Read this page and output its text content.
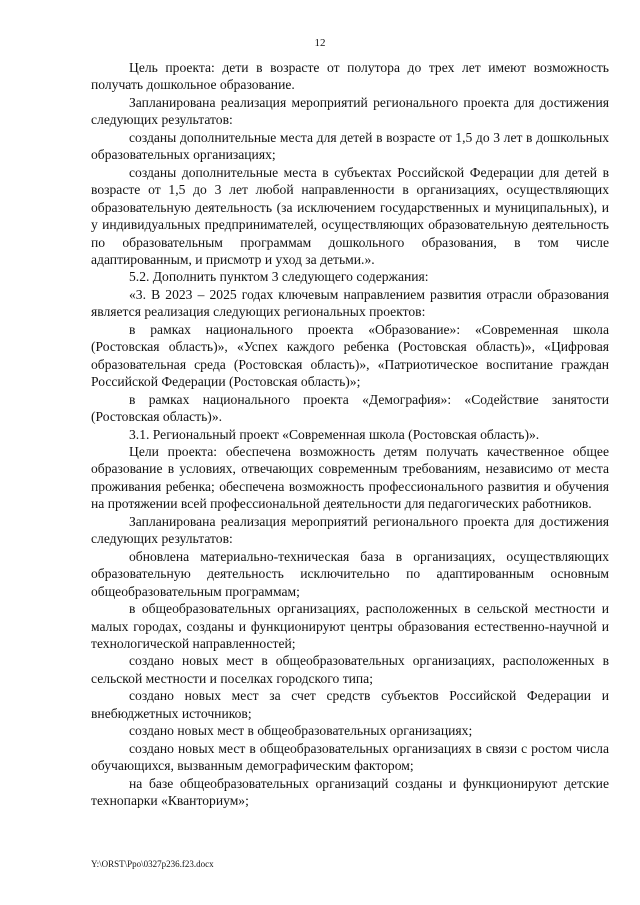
12

Цель проекта: дети в возрасте от полутора до трех лет имеют возможность получать дошкольное образование.

Запланирована реализация мероприятий регионального проекта для достижения следующих результатов:

созданы дополнительные места для детей в возрасте от 1,5 до 3 лет в дошкольных образовательных организациях;

созданы дополнительные места в субъектах Российской Федерации для детей в возрасте от 1,5 до 3 лет любой направленности в организациях, осуществляющих образовательную деятельность (за исключением государственных и муниципальных), и у индивидуальных предпринимателей, осуществляющих образовательную деятельность по образовательным программам дошкольного образования, в том числе адаптированным, и присмотр и уход за детьми.».

5.2. Дополнить пунктом 3 следующего содержания:

«3. В 2023 – 2025 годах ключевым направлением развития отрасли образования является реализация следующих региональных проектов:

в рамках национального проекта «Образование»: «Современная школа (Ростовская область)», «Успех каждого ребенка (Ростовская область)», «Цифровая образовательная среда (Ростовская область)», «Патриотическое воспитание граждан Российской Федерации (Ростовская область)»;

в рамках национального проекта «Демография»: «Содействие занятости (Ростовская область)».

3.1. Региональный проект «Современная школа (Ростовская область)».

Цели проекта: обеспечена возможность детям получать качественное общее образование в условиях, отвечающих современным требованиям, независимо от места проживания ребенка; обеспечена возможность профессионального развития и обучения на протяжении всей профессиональной деятельности для педагогических работников.

Запланирована реализация мероприятий регионального проекта для достижения следующих результатов:

обновлена материально-техническая база в организациях, осуществляющих образовательную деятельность исключительно по адаптированным основным общеобразовательным программам;

в общеобразовательных организациях, расположенных в сельской местности и малых городах, созданы и функционируют центры образования естественно-научной и технологической направленностей;

создано новых мест в общеобразовательных организациях, расположенных в сельской местности и поселках городского типа;

создано новых мест за счет средств субъектов Российской Федерации и внебюджетных источников;

создано новых мест в общеобразовательных организациях;

создано новых мест в общеобразовательных организациях в связи с ростом числа обучающихся, вызванным демографическим фактором;

на базе общеобразовательных организаций созданы и функционируют детские технопарки «Кванториум»;

Y:\ORST\Ppo\0327p236.f23.docx
